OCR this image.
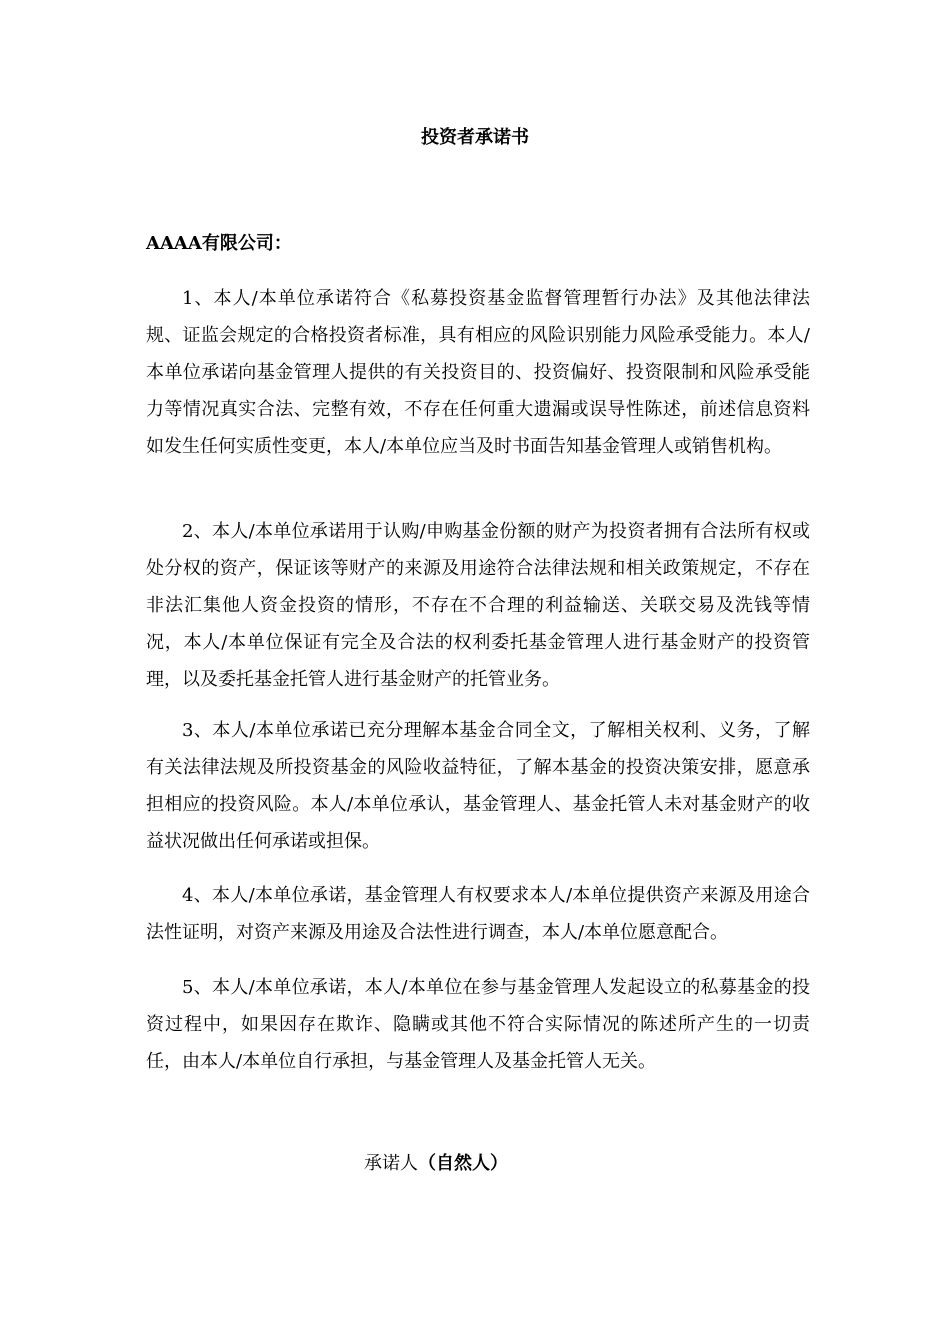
投资者承诺书
AAAA有限公司：

1、本人/本单位承诺符合《私募投资基金监督管理暂行办法》及其他法律法规、证监会规定的合格投资者标准，具有相应的风险识别能力风险承受能力。本人/本单位承诺向基金管理人提供的有关投资目的、投资偏好、投资限制和风险承受能力等情况真实合法、完整有效，不存在任何重大遗漏或误导性陈述，前述信息资料如发生任何实质性变更，本人/本单位应当及时书面告知基金管理人或销售机构。

2、本人/本单位承诺用于认购/申购基金份额的财产为投资者拥有合法所有权或处分权的资产，保证该等财产的来源及用途符合法律法规和相关政策规定，不存在非法汇集他人资金投资的情形，不存在不合理的利益输送、关联交易及洗钱等情况，本人/本单位保证有完全及合法的权利委托基金管理人进行基金财产的投资管理，以及委托基金托管人进行基金财产的托管业务。

3、本人/本单位承诺已充分理解本基金合同全文，了解相关权利、义务，了解有关法律法规及所投资基金的风险收益特征，了解本基金的投资决策安排，愿意承担相应的投资风险。本人/本单位承认，基金管理人、基金托管人未对基金财产的收益状况做出任何承诺或担保。

4、本人/本单位承诺，基金管理人有权要求本人/本单位提供资产来源及用途合法性证明，对资产来源及用途及合法性进行调查，本人/本单位愿意配合。

5、本人/本单位承诺，本人/本单位在参与基金管理人发起设立的私募基金的投资过程中，如果因存在欺诈、隐瞒或其他不符合实际情况的陈述所产生的一切责任，由本人/本单位自行承担，与基金管理人及基金托管人无关。

承诺人（自然人）
